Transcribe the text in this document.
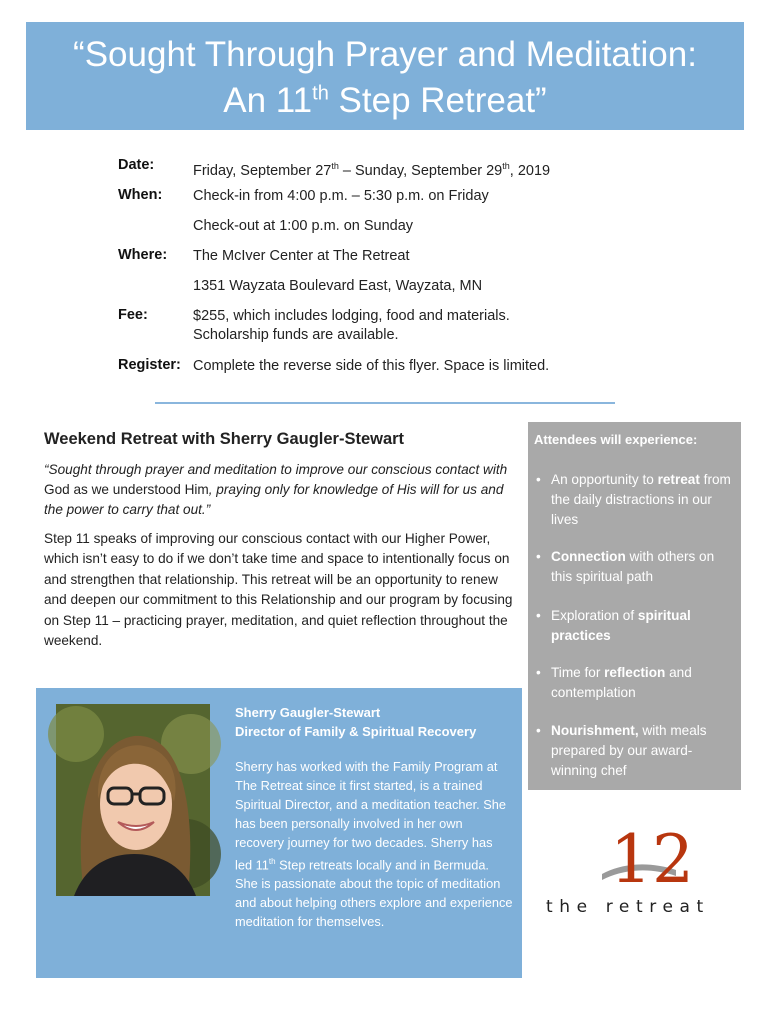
“Sought Through Prayer and Meditation:
An 11th Step Retreat”
Date:	Friday, September 27th – Sunday, September 29th, 2019
When: Check-in from 4:00 p.m. – 5:30 p.m. on Friday
Check-out at 1:00 p.m. on Sunday
Where: The McIver Center at The Retreat
1351 Wayzata Boulevard East, Wayzata, MN
Fee:	$255, which includes lodging, food and materials.
Scholarship funds are available.
Register: Complete the reverse side of this flyer. Space is limited.
Weekend Retreat with Sherry Gaugler-Stewart
“Sought through prayer and meditation to improve our conscious contact with God as we understood Him, praying only for knowledge of His will for us and the power to carry that out.”
Step 11 speaks of improving our conscious contact with our Higher Power, which isn’t easy to do if we don’t take time and space to intentionally focus on and strengthen that relationship. This retreat will be an opportunity to renew and deepen our commitment to this Relationship and our program by focusing on Step 11 – practicing prayer, meditation, and quiet reflection throughout the weekend.
Sherry Gaugler-Stewart
Director of Family & Spiritual Recovery
Sherry has worked with the Family Program at The Retreat since it first started, is a trained Spiritual Director, and a meditation teacher. She has been personally involved in her own recovery journey for two decades. Sherry has led 11th Step retreats locally and in Bermuda. She is passionate about the topic of meditation and about helping others explore and experience meditation for themselves.
Attendees will experience:
• An opportunity to retreat from the daily distractions in our lives
• Connection with others on this spiritual path
• Exploration of spiritual practices
• Time for reflection and contemplation
• Nourishment, with meals prepared by our award-winning chef
12
the retreat
